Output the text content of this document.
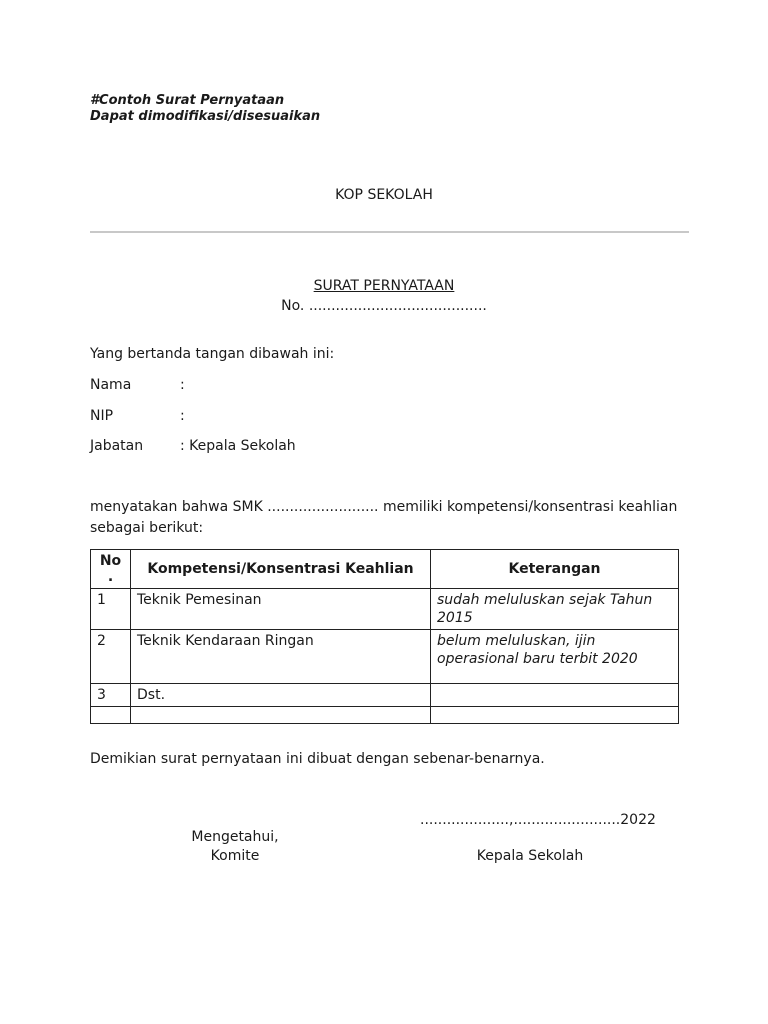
#Contoh Surat Pernyataan
Dapat dimodifikasi/disesuaikan
KOP SEKOLAH
SURAT PERNYATAAN
No. ........................................
Yang bertanda tangan dibawah ini:
Nama	:
NIP	:
Jabatan	: Kepala Sekolah
menyatakan bahwa SMK ......................... memiliki kompetensi/konsentrasi keahlian
sebagai berikut:
No
.	Kompetensi/Konsentrasi Keahlian	Keterangan
1	Teknik Pemesinan	sudah meluluskan sejak Tahun 2015
2	Teknik Kendaraan Ringan	belum meluluskan, ijin operasional baru terbit 2020
3	Dst.	

Demikian surat pernyataan ini dibuat dengan sebenar-benarnya.
....................,........................2022
Mengetahui,
Komite	Kepala Sekolah
